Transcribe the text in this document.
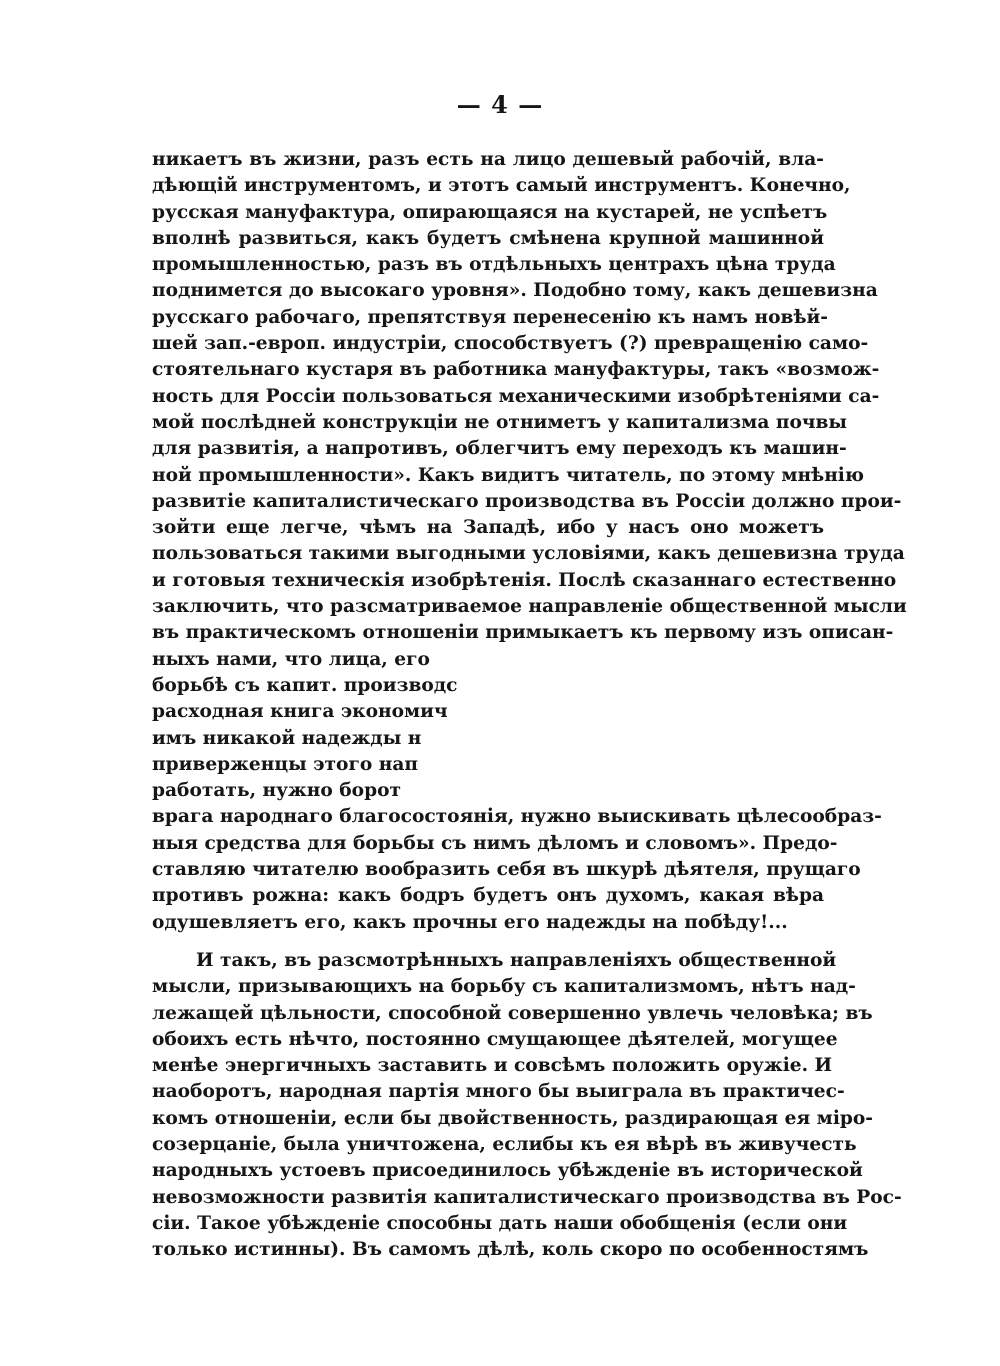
— 4 —
никаетъ въ жизни, разъ есть на лицо дешевый рабочій, вла-
дѣющій инструментомъ, и этотъ самый инструментъ. Конечно,
русская мануфактура, опирающаяся на кустарей, не успѣетъ
вполнѣ развиться, какъ будетъ смѣнена крупной машинной
промышленностью, разъ въ отдѣльныхъ центрахъ цѣна труда
поднимется до высокаго уровня». Подобно тому, какъ дешевизна
русскаго рабочаго, препятствуя перенесенію къ намъ новѣй-
шей зап.-европ. индустріи, способствуетъ (?) превращенію само-
стоятельнаго кустаря въ работника мануфактуры, такъ «возмож-
ность для Россіи пользоваться механическими изобрѣтеніями са-
мой послѣдней конструкціи не отниметъ у капитализма почвы
для развитія, а напротивъ, облегчитъ ему переходъ къ машин-
ной промышленности». Какъ видитъ читатель, по этому мнѣнію
развитіе капиталистическаго производства въ Россіи должно прои-
зойти еще легче, чѣмъ на Западѣ, ибо у насъ оно можетъ
пользоваться такими выгодными условіями, какъ дешевизна труда
и готовыя техническія изобрѣтенія. Послѣ сказаннаго естественно
заключить, что разсматриваемое направленіе общественной мысли
въ практическомъ отношеніи примыкаетъ къ первому изъ описан-
ныхъ нами, что лица, его
борьбѣ съ капит. производс
расходная книга экономич
имъ никакой надежды н
приверженцы этого нап
работать, нужно борот
врага народнаго благосостоянія, нужно выискивать цѣлесообраз-
ныя средства для борьбы съ нимъ дѣломъ и словомъ». Предо-
ставляю читателю вообразить себя въ шкурѣ дѣятеля, прущаго
противъ рожна: какъ бодръ будетъ онъ духомъ, какая вѣра
одушевляетъ его, какъ прочны его надежды на побѣду!...
И такъ, въ разсмотрѣнныхъ направленіяхъ общественной
мысли, призывающихъ на борьбу съ капитализмомъ, нѣтъ над-
лежащей цѣльности, способной совершенно увлечь человѣка; въ
обоихъ есть нѣчто, постоянно смущающее дѣятелей, могущее
менѣе энергичныхъ заставить и совсѣмъ положить оружіе. И
наоборотъ, народная партія много бы выиграла въ практичес-
комъ отношеніи, если бы двойственность, раздирающая ея міро-
созерцаніе, была уничтожена, еслибы къ ея вѣрѣ въ живучесть
народныхъ устоевъ присоединилось убѣжденіе въ исторической
невозможности развитія капиталистическаго производства въ Рос-
сіи. Такое убѣжденіе способны дать наши обобщенія (если они
только истинны). Въ самомъ дѣлѣ, коль скоро по особенностямъ
